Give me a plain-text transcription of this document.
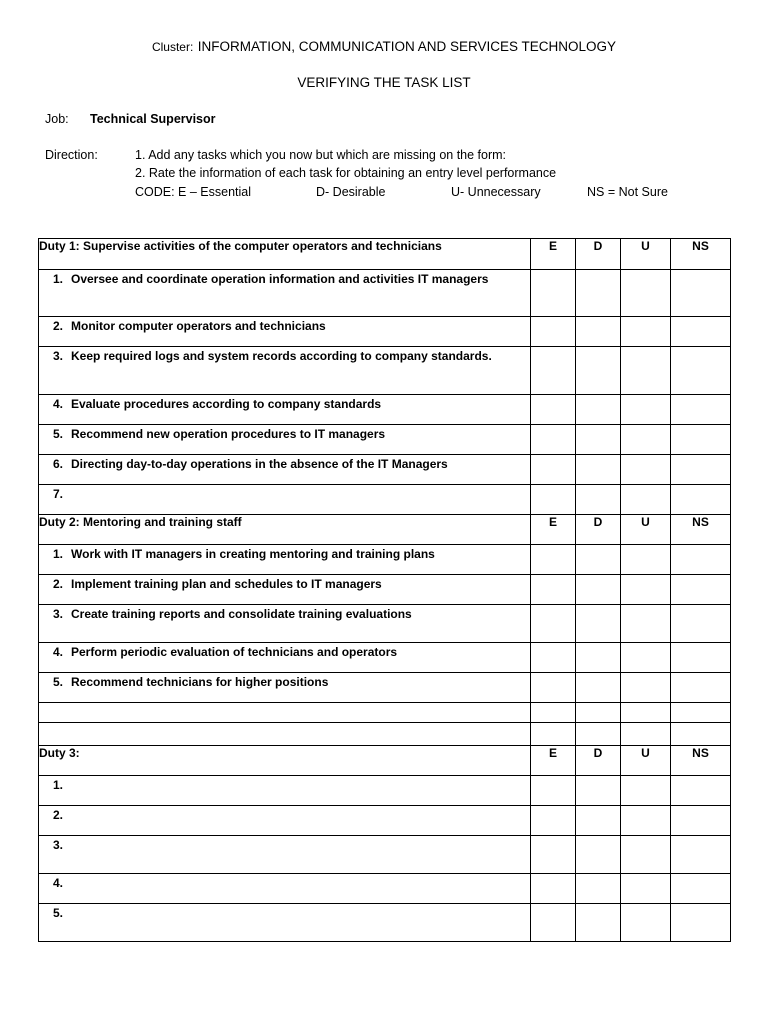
Cluster: INFORMATION, COMMUNICATION AND SERVICES TECHNOLOGY
VERIFYING THE TASK LIST
Job: Technical Supervisor
Direction:	1. Add any tasks which you now but which are missing on the form:
2. Rate the information of each task for obtaining an entry level performance
CODE: E – Essential	D- Desirable	U- Unnecessary	NS = Not Sure
Duty 1: Supervise activities of the computer operators and technicians	E	D	U	NS

1. Oversee and coordinate operation information and activities IT managers				

2. Monitor computer operators and technicians				

3. Keep required logs and system records according to company standards.				

4. Evaluate procedures according to company standards				

5. Recommend new operation procedures to IT managers				

6. Directing day-to-day operations in the absence of the IT Managers				

7.				

Duty 2: Mentoring and training staff	E	D	U	NS

1. Work with IT managers in creating mentoring and training plans				

2. Implement training plan and schedules to IT managers				

3. Create training reports and consolidate training evaluations				

4. Perform periodic evaluation of technicians and operators				

5. Recommend technicians for higher positions				

Duty 3:	E	D	U	NS

1.				

2.				

3.				

4.				

5.				
